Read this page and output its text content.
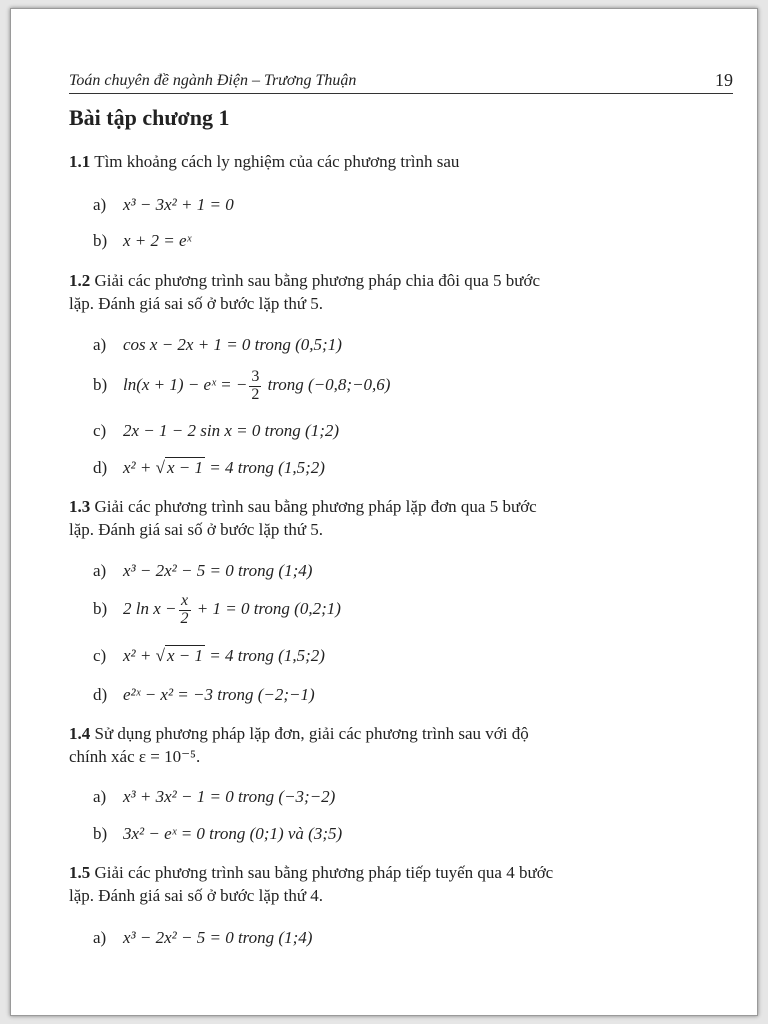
Toán chuyên đề ngành Điện – Trương Thuận	19
Bài tập chương 1
1.1 Tìm khoảng cách ly nghiệm của các phương trình sau
a) x³ − 3x² + 1 = 0
b) x + 2 = eˣ
1.2 Giải các phương trình sau bằng phương pháp chia đôi qua 5 bước
lặp. Đánh giá sai số ở bước lặp thứ 5.
a) cos x − 2x + 1 = 0 trong (0,5;1)
b) ln(x + 1) − eˣ = − $\frac{3}{2}$ trong (−0,8;−0,6)
c) 2x − 1 − 2 sin x = 0 trong (1;2)
d) x² + √ x − 1 = 4 trong (1,5;2)
1.3 Giải các phương trình sau bằng phương pháp lặp đơn qua 5 bước
lặp. Đánh giá sai số ở bước lặp thứ 5.
a) x³ − 2x² − 5 = 0 trong (1;4)
b) 2 $\ln x - \frac{x}{2} + 1 = 0$ trong (0,2;1)
c) x² + √ x − 1 = 4 trong (1,5;2)
d) e²ˣ − x² = −3 trong (−2;−1)
1.4 Sử dụng phương pháp lặp đơn, giải các phương trình sau với độ
chính xác ε = 10⁻⁵.
a) x³ + 3x² − 1 = 0 trong (−3;−2)
b) 3x² − eˣ = 0 trong (0;1) và (3;5)
1.5 Giải các phương trình sau bằng phương pháp tiếp tuyến qua 4 bước
lặp. Đánh giá sai số ở bước lặp thứ 4.
a) x³ − 2x² − 5 = 0 trong (1;4)
